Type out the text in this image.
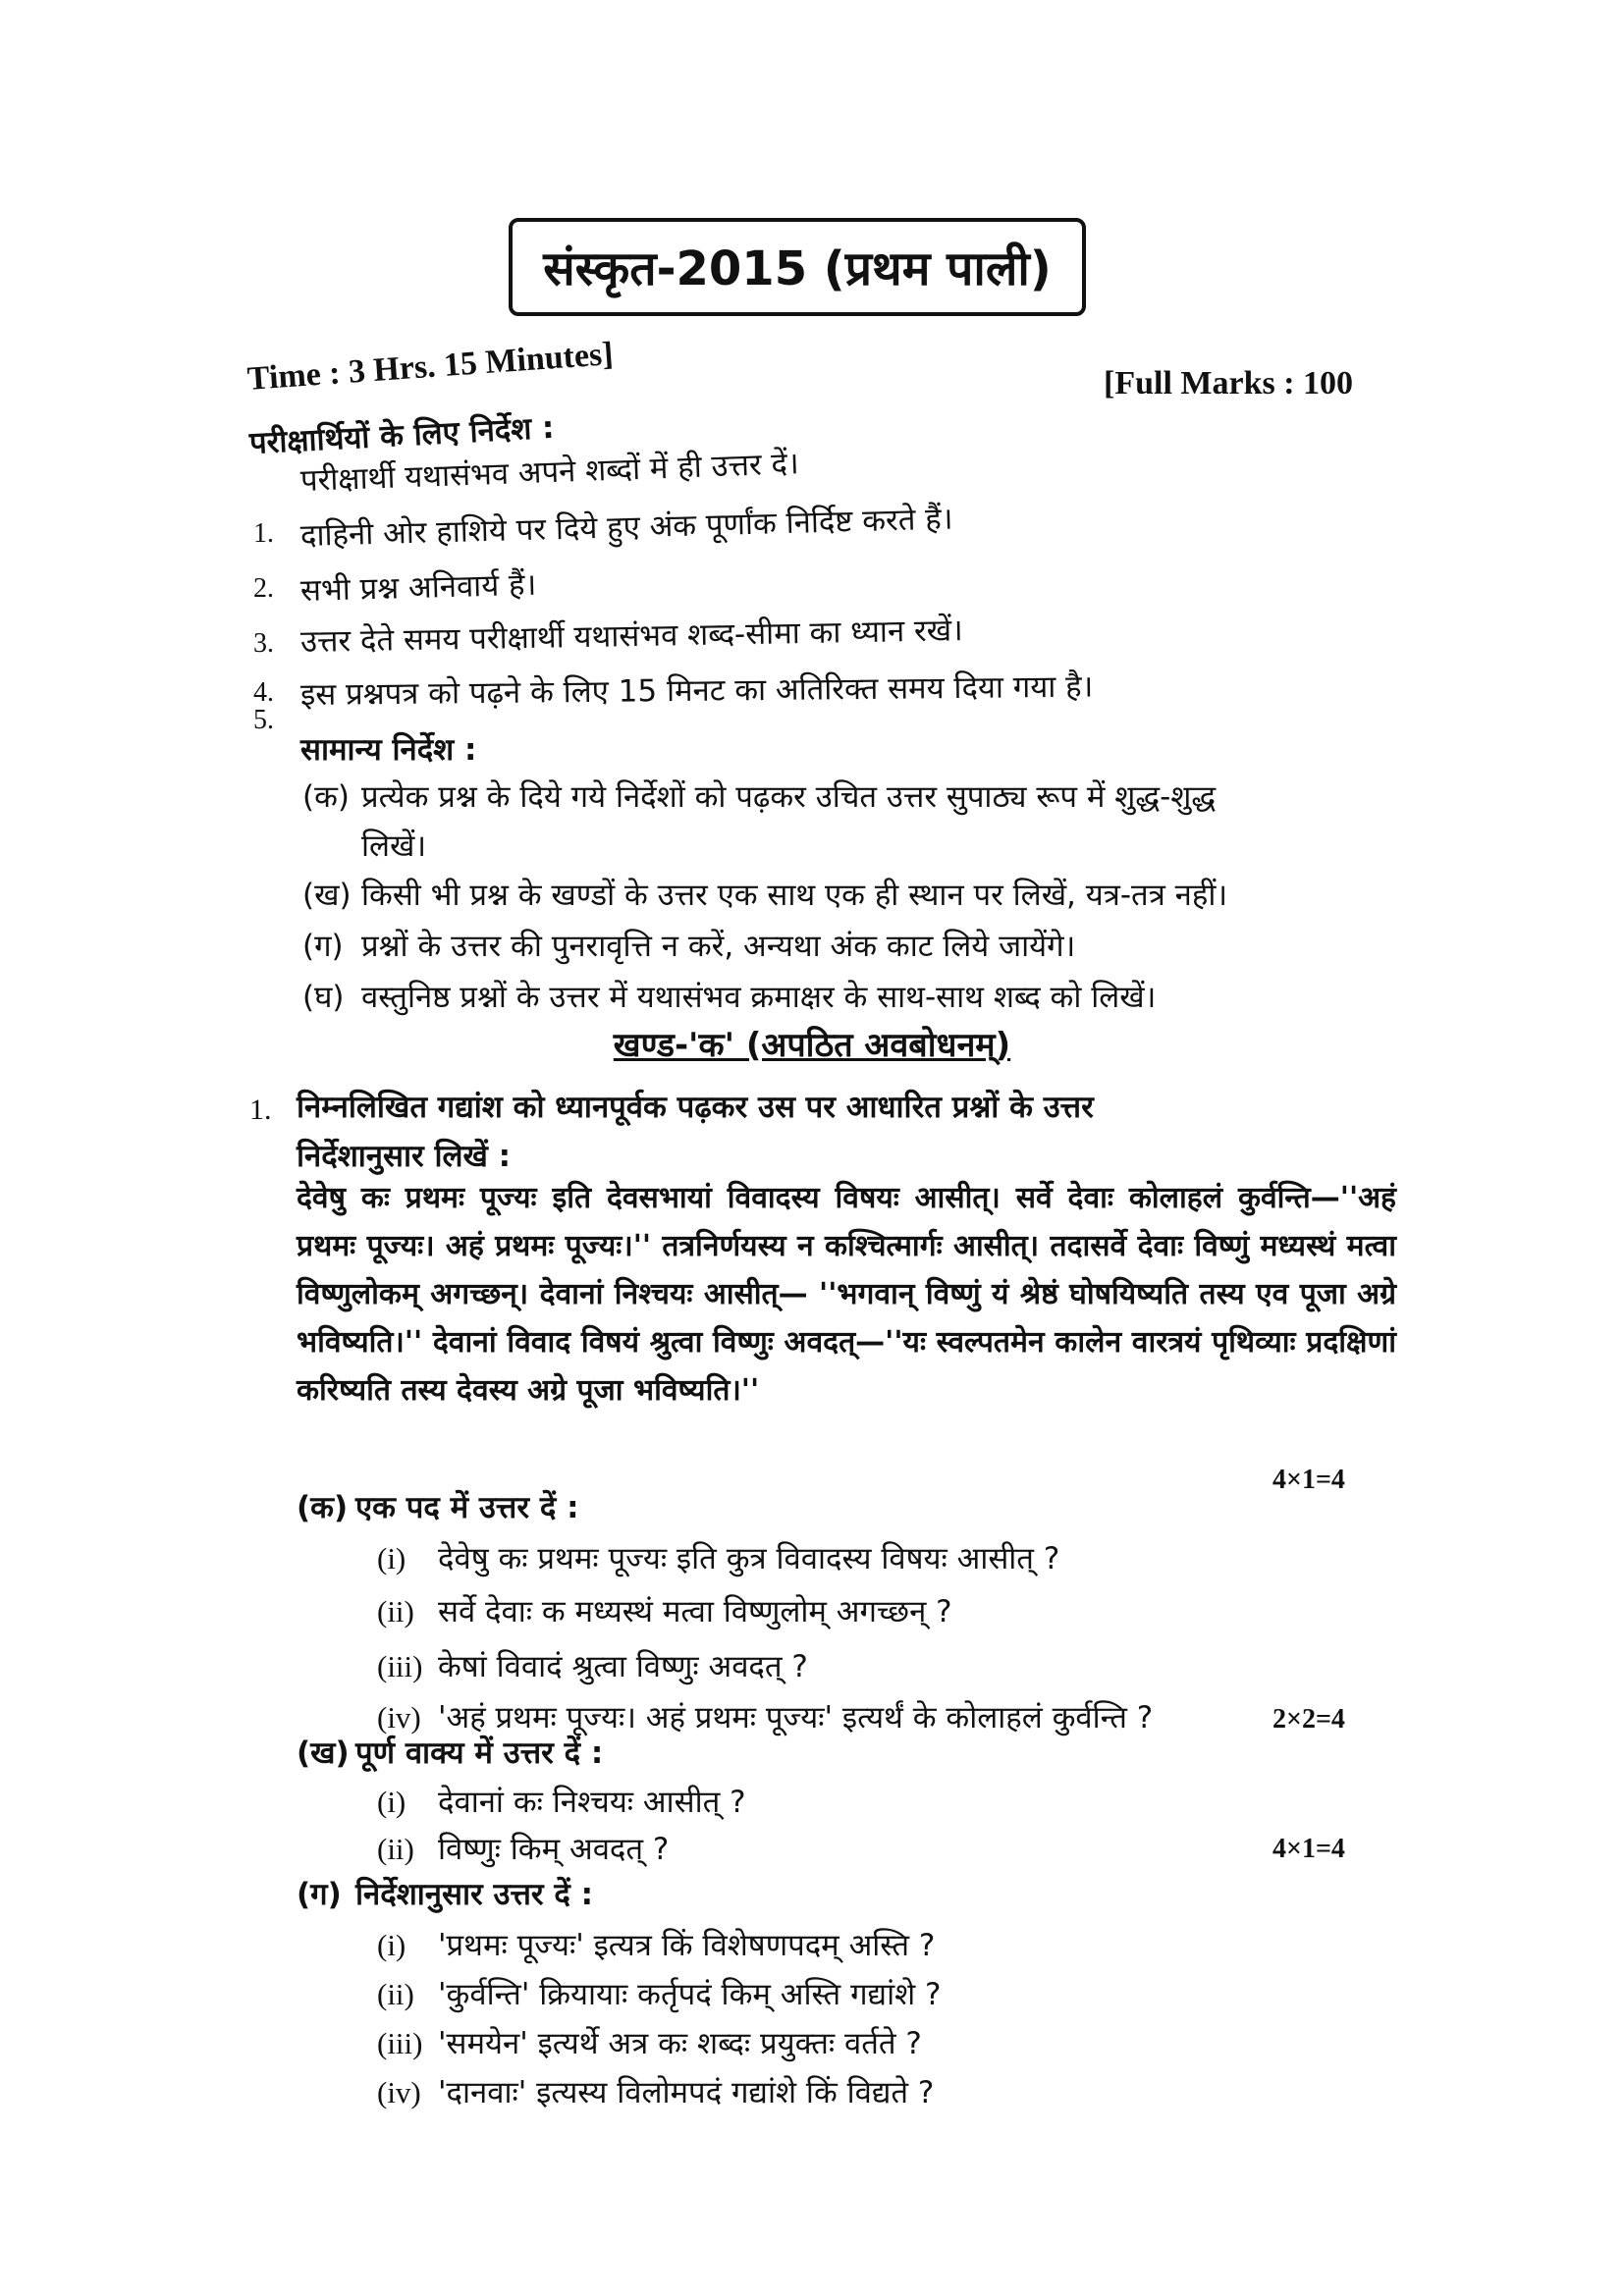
संस्कृत-2015 (प्रथम पाली)
Time : 3 Hrs. 15 Minutes]	[Full Marks : 100
परीक्षार्थियों के लिए निर्देश :
1.
परीक्षार्थी यथासंभव अपने शब्दों में ही उत्तर दें।
2.
दाहिनी ओर हाशिये पर दिये हुए अंक पूर्णांक निर्दिष्ट करते हैं।
3.
सभी प्रश्न अनिवार्य हैं।
4.
उत्तर देते समय परीक्षार्थी यथासंभव शब्द-सीमा का ध्यान रखें।
5.
इस प्रश्नपत्र को पढ़ने के लिए 15 मिनट का अतिरिक्त समय दिया गया है।
सामान्य निर्देश :
(क) प्रत्येक प्रश्न के दिये गये निर्देशों को पढ़कर उचित उत्तर सुपाठ्य रूप में शुद्ध-शुद्ध
लिखें।
(ख) किसी भी प्रश्न के खण्डों के उत्तर एक साथ एक ही स्थान पर लिखें, यत्र-तत्र नहीं।
(ग) प्रश्नों के उत्तर की पुनरावृत्ति न करें, अन्यथा अंक काट लिये जायेंगे।
(घ) वस्तुनिष्ठ प्रश्नों के उत्तर में यथासंभव क्रमाक्षर के साथ-साथ शब्द को लिखें।
खण्ड-'क' (अपठित अवबोधनम्)
1. निम्नलिखित गद्यांश को ध्यानपूर्वक पढ़कर उस पर आधारित प्रश्नों के उत्तर
निर्देशानुसार लिखें :
देवेषु कः प्रथमः पूज्यः इति देवसभायां विवादस्य विषयः आसीत्। सर्वे देवाः कोलाहलं कुर्वन्ति—''अहं प्रथमः पूज्यः। अहं प्रथमः पूज्यः।'' तत्रनिर्णयस्य न कश्चित्मार्गः आसीत्। तदासर्वे देवाः विष्णुं मध्यस्थं मत्वा विष्णुलोकम् अगच्छन्। देवानां निश्चयः आसीत्— ''भगवान् विष्णुं यं श्रेष्ठं घोषयिष्यति तस्य एव पूजा अग्रे भविष्यति।'' देवानां विवाद विषयं श्रुत्वा विष्णुः अवदत्—''यः स्वल्पतमेन कालेन वारत्रयं पृथिव्याः प्रदक्षिणां करिष्यति तस्य देवस्य अग्रे पूजा भविष्यति।''
4×1=4
(क) एक पद में उत्तर दें :
(i) देवेषु कः प्रथमः पूज्यः इति कुत्र विवादस्य विषयः आसीत् ?
(ii) सर्वे देवाः क मध्यस्थं मत्वा विष्णुलोम् अगच्छन् ?
(iii) केषां विवादं श्रुत्वा विष्णुः अवदत् ?
(iv) 'अहं प्रथमः पूज्यः। अहं प्रथमः पूज्यः' इत्यर्थं के कोलाहलं कुर्वन्ति ?	2×2=4
(ख) पूर्ण वाक्य में उत्तर दें :
(i) देवानां कः निश्चयः आसीत् ?
(ii) विष्णुः किम् अवदत् ?	4×1=4
(ग) निर्देशानुसार उत्तर दें :
(i) 'प्रथमः पूज्यः' इत्यत्र किं विशेषणपदम् अस्ति ?
(ii) 'कुर्वन्ति' क्रियायाः कर्तृपदं किम् अस्ति गद्यांशे ?
(iii) 'समयेन' इत्यर्थे अत्र कः शब्दः प्रयुक्तः वर्तते ?
(iv) 'दानवाः' इत्यस्य विलोमपदं गद्यांशे किं विद्यते ?
